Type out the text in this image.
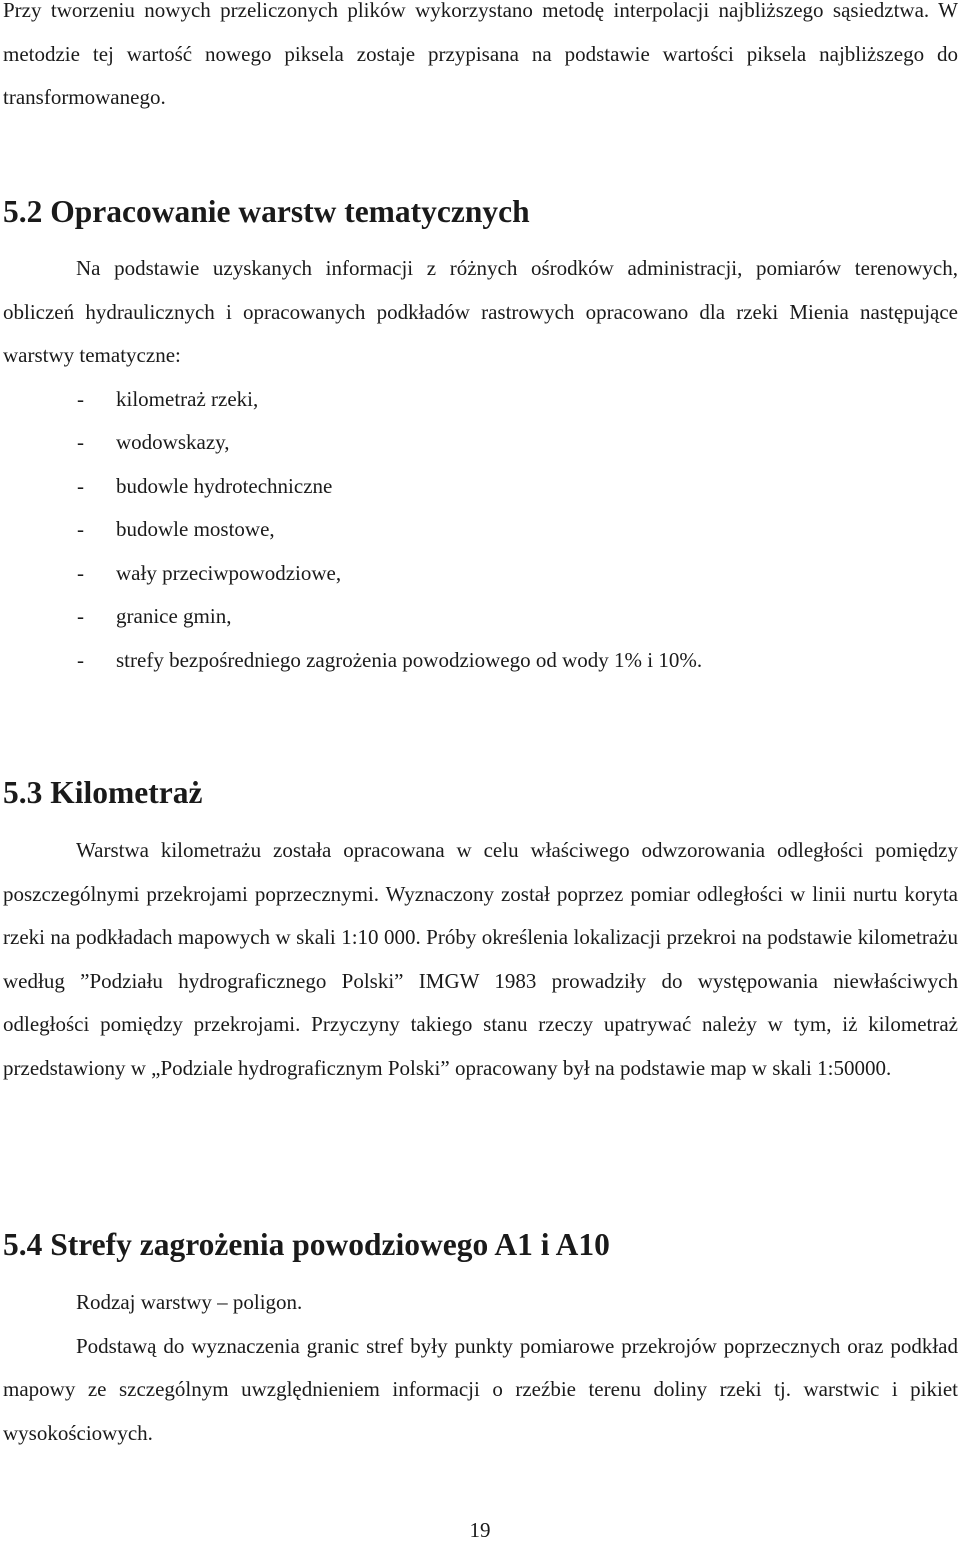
Przy tworzeniu nowych przeliczonych plików wykorzystano metodę interpolacji najbliższego sąsiedztwa. W metodzie tej wartość nowego piksela zostaje przypisana na podstawie wartości piksela najbliższego do transformowanego.

5.2 Opracowanie warstw tematycznych

Na podstawie uzyskanych informacji z różnych ośrodków administracji, pomiarów terenowych, obliczeń hydraulicznych i opracowanych podkładów rastrowych opracowano dla rzeki Mienia następujące warstwy tematyczne:

- kilometraż rzeki,
- wodowskazy,
- budowle hydrotechniczne
- budowle mostowe,
- wały przeciwpowodziowe,
- granice gmin,
- strefy bezpośredniego zagrożenia powodziowego od wody 1% i 10%.
5.3 Kilometraż

Warstwa kilometrażu została opracowana w celu właściwego odwzorowania odległości pomiędzy poszczególnymi przekrojami poprzecznymi. Wyznaczony został poprzez pomiar odległości w linii nurtu koryta rzeki na podkładach mapowych w skali 1:10 000. Próby określenia lokalizacji przekroi na podstawie kilometrażu według ”Podziału hydrograficznego Polski” IMGW 1983 prowadziły do występowania niewłaściwych odległości pomiędzy przekrojami. Przyczyny takiego stanu rzeczy upatrywać należy w tym, iż kilometraż przedstawiony w „Podziale hydrograficznym Polski” opracowany był na podstawie map w skali 1:50000.

5.4 Strefy zagrożenia powodziowego A1 i A10

Rodzaj warstwy – poligon.

Podstawą do wyznaczenia granic stref były punkty pomiarowe przekrojów poprzecznych oraz podkład mapowy ze szczególnym uwzględnieniem informacji o rzeźbie terenu doliny rzeki tj. warstwic i pikiet wysokościowych.

19
